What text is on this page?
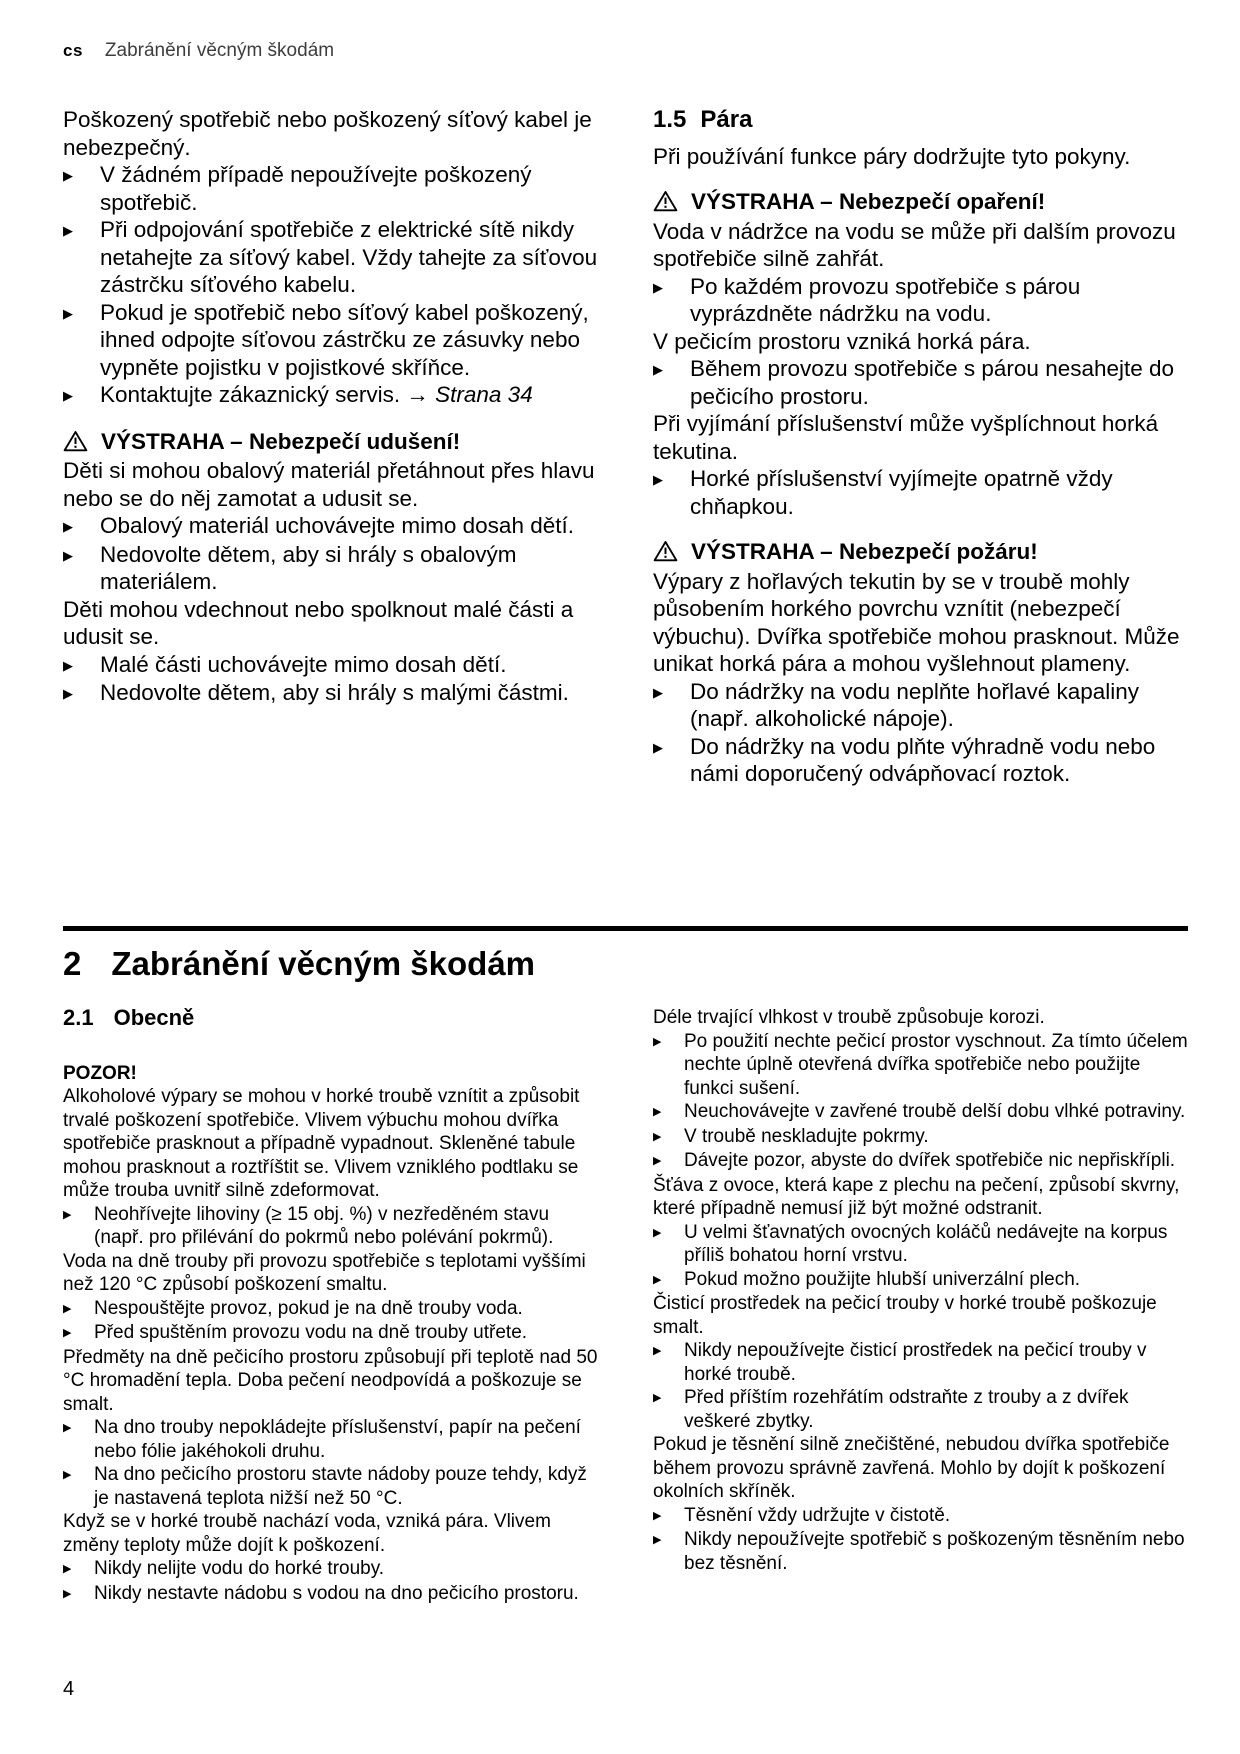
cs Zabránění věcným škodám

Poškozený spotřebič nebo poškozený síťový kabel je nebezpečný.

▶	V žádném případě nepoužívejte poškozený spotřebič.
▶	Při odpojování spotřebiče z elektrické sítě nikdy netahejte za síťový kabel. Vždy tahejte za síťovou zástrčku síťového kabelu.
▶	Pokud je spotřebič nebo síťový kabel poškozený, ihned odpojte síťovou zástrčku ze zásuvky nebo vypněte pojistku v pojistkové skříňce.
▶	Kontaktujte zákaznický servis. → Strana 34
VÝSTRAHA – Nebezpečí udušení!

Děti si mohou obalový materiál přetáhnout přes hlavu nebo se do něj zamotat a udusit se.

▶	Obalový materiál uchovávejte mimo dosah dětí.
▶	Nedovolte dětem, aby si hrály s obalovým materiálem.

Děti mohou vdechnout nebo spolknout malé části a udusit se.

▶	Malé části uchovávejte mimo dosah dětí.
▶	Nedovolte dětem, aby si hrály s malými částmi.
1.5 Pára

Při používání funkce páry dodržujte tyto pokyny.

VÝSTRAHA – Nebezpečí opaření!

Voda v nádržce na vodu se může při dalším provozu spotřebiče silně zahřát.

▶	Po každém provozu spotřebiče s párou vyprázdněte nádržku na vodu.

V pečicím prostoru vzniká horká pára.

▶	Během provozu spotřebiče s párou nesahejte do pečicího prostoru.

Při vyjímání příslušenství může vyšplíchnout horká tekutina.

▶	Horké příslušenství vyjímejte opatrně vždy chňapkou.
VÝSTRAHA – Nebezpečí požáru!

Výpary z hořlavých tekutin by se v troubě mohly působením horkého povrchu vznítit (nebezpečí výbuchu). Dvířka spotřebiče mohou prasknout. Může unikat horká pára a mohou vyšlehnout plameny.

▶	Do nádržky na vodu neplňte hořlavé kapaliny (např. alkoholické nápoje).
▶	Do nádržky na vodu plňte výhradně vodu nebo námi doporučený odvápňovací roztok.
2 Zabránění věcným škodám
2.1 Obecně

POZOR!

Alkoholové výpary se mohou v horké troubě vznítit a způsobit trvalé poškození spotřebiče. Vlivem výbuchu mohou dvířka spotřebiče prasknout a případně vypadnout. Skleněné tabule mohou prasknout a roztříštit se. Vlivem vzniklého podtlaku se může trouba uvnitř silně zdeformovat.

▶	Neohřívejte lihoviny (≥ 15 obj. %) v nezředěném stavu (např. pro přilévání do pokrmů nebo polévání pokrmů).

Voda na dně trouby při provozu spotřebiče s teplotami vyššími než 120 °C způsobí poškození smaltu.

▶	Nespouštějte provoz, pokud je na dně trouby voda.
▶	Před spuštěním provozu vodu na dně trouby utřete.

Předměty na dně pečicího prostoru způsobují při teplotě nad 50 °C hromadění tepla. Doba pečení neodpovídá a poškozuje se smalt.

▶	Na dno trouby nepokládejte příslušenství, papír na pečení nebo fólie jakéhokoli druhu.
▶	Na dno pečicího prostoru stavte nádoby pouze tehdy, když je nastavená teplota nižší než 50 °C.

Když se v horké troubě nachází voda, vzniká pára. Vlivem změny teploty může dojít k poškození.

▶	Nikdy nelijte vodu do horké trouby.
▶	Nikdy nestavte nádobu s vodou na dno pečicího prostoru.

Déle trvající vlhkost v troubě způsobuje korozi.

▶	Po použití nechte pečicí prostor vyschnout. Za tímto účelem nechte úplně otevřená dvířka spotřebiče nebo použijte funkci sušení.
▶	Neuchovávejte v zavřené troubě delší dobu vlhké potraviny.
▶	V troubě neskladujte pokrmy.
▶	Dávejte pozor, abyste do dvířek spotřebiče nic nepřiskřípli.

Šťáva z ovoce, která kape z plechu na pečení, způsobí skvrny, které případně nemusí již být možné odstranit.

▶	U velmi šťavnatých ovocných koláčů nedávejte na korpus příliš bohatou horní vrstvu.
▶	Pokud možno použijte hlubší univerzální plech.

Čisticí prostředek na pečicí trouby v horké troubě poškozuje smalt.

▶	Nikdy nepoužívejte čisticí prostředek na pečicí trouby v horké troubě.
▶	Před příštím rozehřátím odstraňte z trouby a z dvířek veškeré zbytky.

Pokud je těsnění silně znečištěné, nebudou dvířka spotřebiče během provozu správně zavřená. Mohlo by dojít k poškození okolních skříněk.

▶	Těsnění vždy udržujte v čistotě.
▶	Nikdy nepoužívejte spotřebič s poškozeným těsněním nebo bez těsnění.
4
